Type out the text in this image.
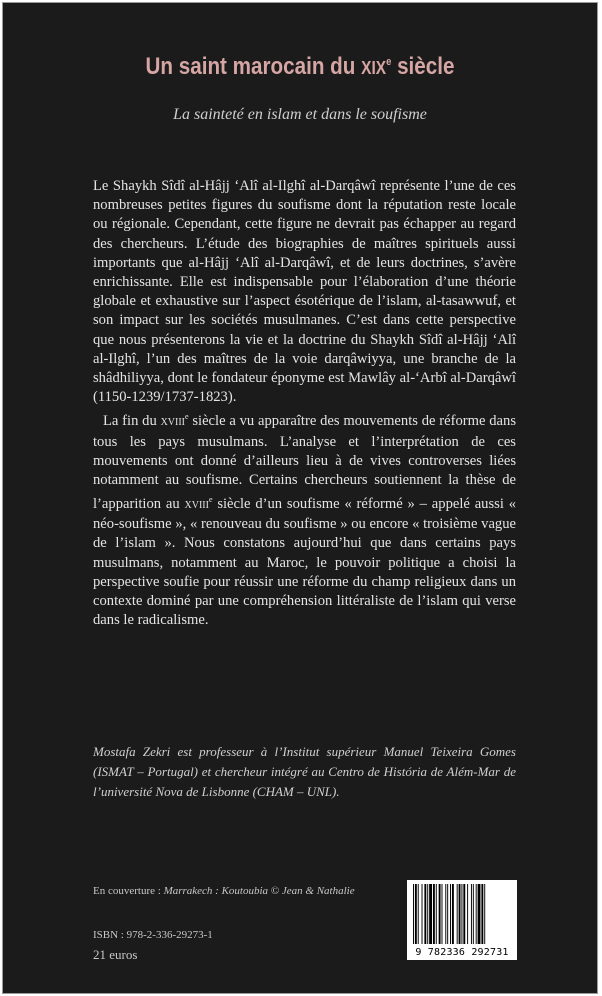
Un saint marocain du XIXe siècle
La sainteté en islam et dans le soufisme

Le Shaykh Sîdî al-Hâjj ‘Alî al-Ilghî al-Darqâwî représente l’une de ces nombreuses petites figures du soufisme dont la réputation reste locale ou régionale. Cependant, cette figure ne devrait pas échapper au regard des chercheurs. L’étude des biographies de maîtres spirituels aussi importants que al-Hâjj ‘Alî al-Darqâwî, et de leurs doctrines, s’avère enrichissante. Elle est indispensable pour l’élaboration d’une théorie globale et exhaustive sur l’aspect ésotérique de l’islam, al-tasawwuf, et son impact sur les sociétés musulmanes. C’est dans cette perspective que nous présenterons la vie et la doctrine du Shaykh Sîdî al-Hâjj ‘Alî al-Ilghî, l’un des maîtres de la voie darqâwiyya, une branche de la shâdhiliyya, dont le fondateur éponyme est Mawlây al-‘Arbî al-Darqâwî (1150-1239/1737-1823).

La fin du XVIIIe siècle a vu apparaître des mouvements de réforme dans tous les pays musulmans. L’analyse et l’interprétation de ces mouvements ont donné d’ailleurs lieu à de vives controverses liées notamment au soufisme. Certains chercheurs soutiennent la thèse de l’apparition au XVIIIe siècle d’un soufisme « réformé » – appelé aussi « néo-soufisme », « renouveau du soufisme » ou encore « troisième vague de l’islam ». Nous constatons aujourd’hui que dans certains pays musulmans, notamment au Maroc, le pouvoir politique a choisi la perspective soufie pour réussir une réforme du champ religieux dans un contexte dominé par une compréhension littéraliste de l’islam qui verse dans le radicalisme.

Mostafa Zekri est professeur à l’Institut supérieur Manuel Teixeira Gomes (ISMAT – Portugal) et chercheur intégré au Centro de História de Além-Mar de l’université Nova de Lisbonne (CHAM – UNL).
En couverture : Marrakech : Koutoubia © Jean & Nathalie
ISBN : 978-2-336-29273-1
21 euros	9 782336 292731
